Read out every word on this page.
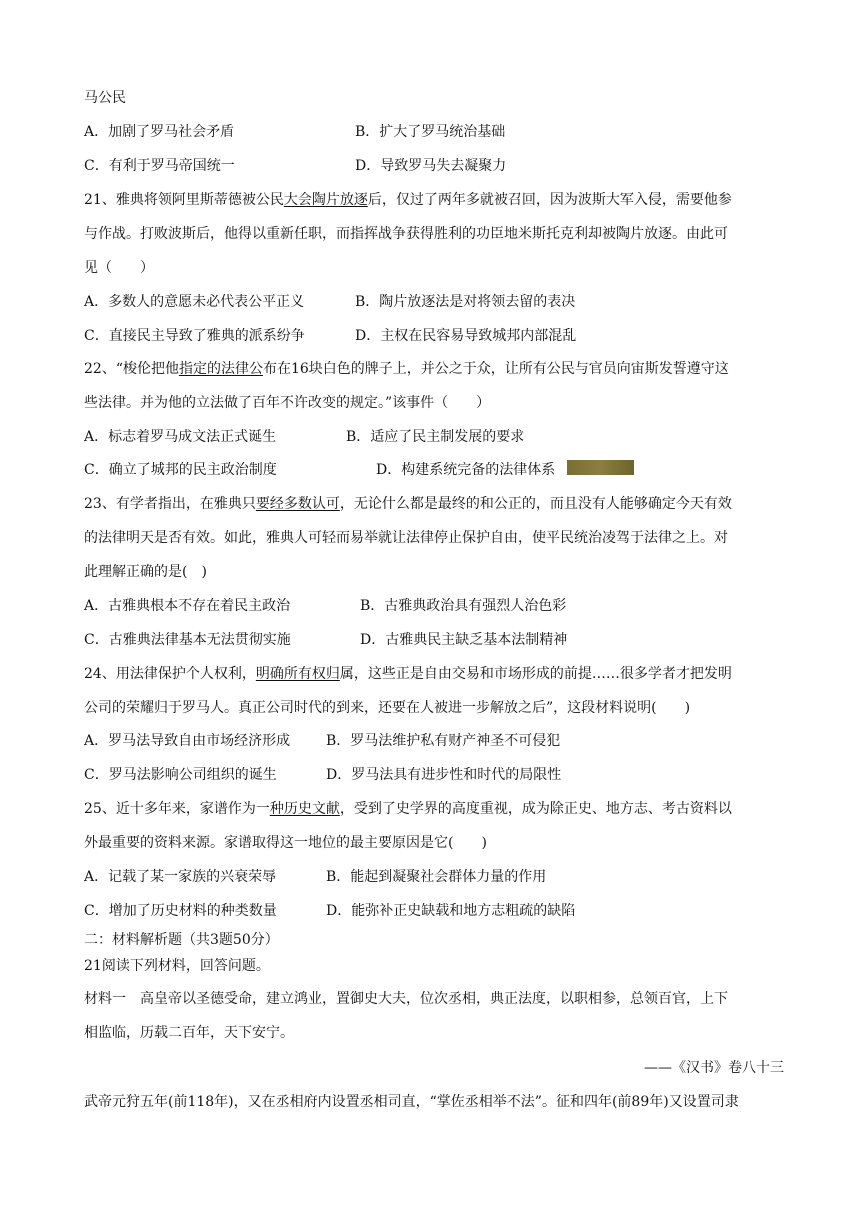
马公民
A．加剧了罗马社会矛盾	B．扩大了罗马统治基础
C．有利于罗马帝国统一	D．导致罗马失去凝聚力
21、雅典将领阿里斯蒂德被公民大会陶片放逐后，仅过了两年多就被召回，因为波斯大军入侵，需要他参
与作战。打败波斯后，他得以重新任职，而指挥战争获得胜利的功臣地米斯托克利却被陶片放逐。由此可
见（　　）
A．多数人的意愿未必代表公平正义	B．陶片放逐法是对将领去留的表决
C．直接民主导致了雅典的派系纷争	D．主权在民容易导致城邦内部混乱
22、“梭伦把他指定的法律公布在16块白色的牌子上，并公之于众，让所有公民与官员向宙斯发誓遵守这
些法律。并为他的立法做了百年不许改变的规定。”该事件（　　）
A．标志着罗马成文法正式诞生	B．适应了民主制发展的要求
C．确立了城邦的民主政治制度	D．构建系统完备的法律体系
23、有学者指出，在雅典只要经多数认可，无论什么都是最终的和公正的，而且没有人能够确定今天有效
的法律明天是否有效。如此，雅典人可轻而易举就让法律停止保护自由，使平民统治凌驾于法律之上。对
此理解正确的是(　)
A．古雅典根本不存在着民主政治	B．古雅典政治具有强烈人治色彩
C．古雅典法律基本无法贯彻实施	D．古雅典民主缺乏基本法制精神
24、用法律保护个人权利，明确所有权归属，这些正是自由交易和市场形成的前提……很多学者才把发明
公司的荣耀归于罗马人。真正公司时代的到来，还要在人被进一步解放之后”，这段材料说明(　　)
A．罗马法导致自由市场经济形成	B．罗马法维护私有财产神圣不可侵犯
C．罗马法影响公司组织的诞生	D．罗马法具有进步性和时代的局限性
25、近十多年来，家谱作为一种历史文献，受到了史学界的高度重视，成为除正史、地方志、考古资料以
外最重要的资料来源。家谱取得这一地位的最主要原因是它(　　)
A．记载了某一家族的兴衰荣辱	B．能起到凝聚社会群体力量的作用
C．增加了历史材料的种类数量	D．能弥补正史缺载和地方志粗疏的缺陷
二：材料解析题（共3题50分）
21阅读下列材料，回答问题。
材料一　高皇帝以圣德受命，建立鸿业，置御史大夫，位次丞相，典正法度，以职相参，总领百官，上下
相监临，历载二百年，天下安宁。
——《汉书》卷八十三
武帝元狩五年(前118年)，又在丞相府内设置丞相司直，“掌佐丞相举不法”。征和四年(前89年)又设置司隶
